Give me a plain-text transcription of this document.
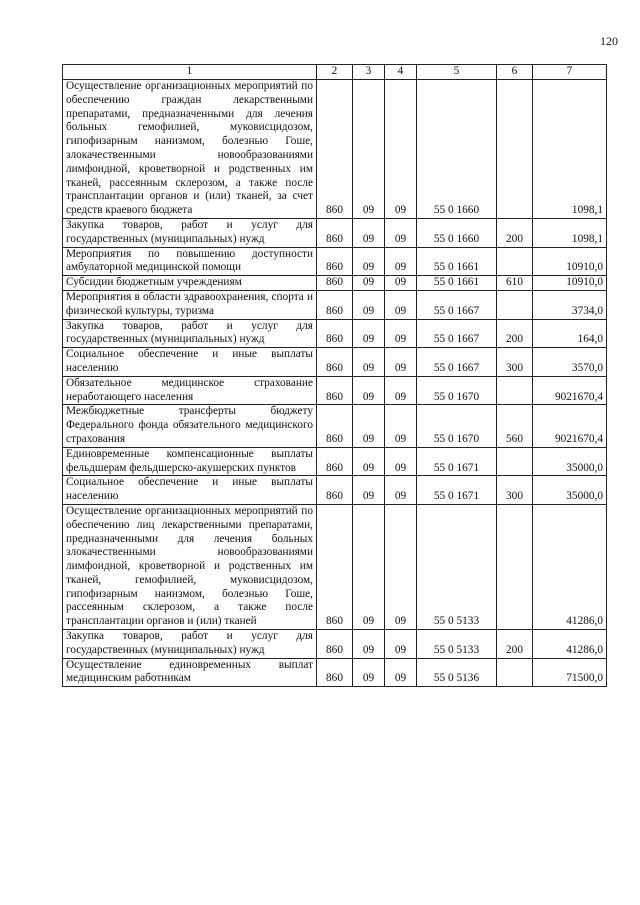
120
1	2	3	4	5	6	7
Осуществление организационных мероприятий по обеспечению граждан лекарственными препаратами, предназначенными для лечения больных гемофилией, муковисцидозом, гипофизарным нанизмом, болезнью Гоше, злокачественными новообразованиями лимфоидной, кроветворной и родственных им тканей, рассеянным склерозом, а также после трансплантации органов и (или) тканей, за счет средств краевого бюджета	860	09	09	55 0 1660		1098,1
Закупка товаров, работ и услуг для государственных (муниципальных) нужд	860	09	09	55 0 1660	200	1098,1
Мероприятия по повышению доступности амбулаторной медицинской помощи	860	09	09	55 0 1661		10910,0
Субсидии бюджетным учреждениям	860	09	09	55 0 1661	610	10910,0
Мероприятия в области здравоохранения, спорта и физической культуры, туризма	860	09	09	55 0 1667		3734,0
Закупка товаров, работ и услуг для государственных (муниципальных) нужд	860	09	09	55 0 1667	200	164,0
Социальное обеспечение и иные выплаты населению	860	09	09	55 0 1667	300	3570,0
Обязательное медицинское страхование неработающего населения	860	09	09	55 0 1670		9021670,4
Межбюджетные трансферты бюджету Федерального фонда обязательного медицинского страхования	860	09	09	55 0 1670	560	9021670,4
Единовременные компенсационные выплаты фельдшерам фельдшерско-акушерских пунктов	860	09	09	55 0 1671		35000,0
Социальное обеспечение и иные выплаты населению	860	09	09	55 0 1671	300	35000,0
Осуществление организационных мероприятий по обеспечению лиц лекарственными препаратами, предназначенными для лечения больных злокачественными новообразованиями лимфоидной, кроветворной и родственных им тканей, гемофилией, муковисцидозом, гипофизарным нанизмом, болезнью Гоше, рассеянным склерозом, а также после трансплантации органов и (или) тканей	860	09	09	55 0 5133		41286,0
Закупка товаров, работ и услуг для государственных (муниципальных) нужд	860	09	09	55 0 5133	200	41286,0
Осуществление единовременных выплат медицинским работникам	860	09	09	55 0 5136		71500,0
